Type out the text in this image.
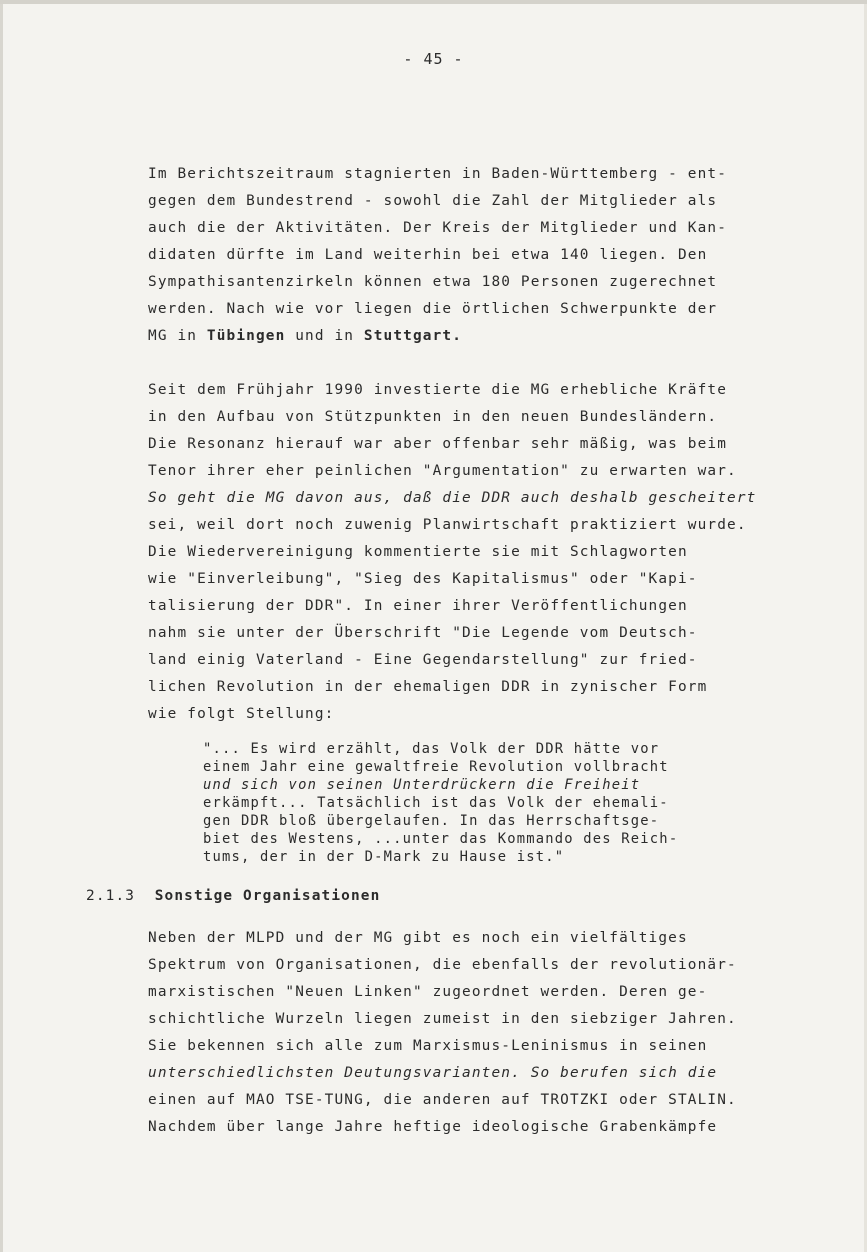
- 45 -
Im Berichtszeitraum stagnierten in Baden-Württemberg - ent-
gegen dem Bundestrend - sowohl die Zahl der Mitglieder als
auch die der Aktivitäten. Der Kreis der Mitglieder und Kan-
didaten dürfte im Land weiterhin bei etwa 140 liegen. Den
Sympathisantenzirkeln können etwa 180 Personen zugerechnet
werden. Nach wie vor liegen die örtlichen Schwerpunkte der
MG in Tübingen und in Stuttgart.
Seit dem Frühjahr 1990 investierte die MG erhebliche Kräfte
in den Aufbau von Stützpunkten in den neuen Bundesländern.
Die Resonanz hierauf war aber offenbar sehr mäßig, was beim
Tenor ihrer eher peinlichen "Argumentation" zu erwarten war.
So geht die MG davon aus, daß die DDR auch deshalb gescheitert
sei, weil dort noch zuwenig Planwirtschaft praktiziert wurde.
Die Wiedervereinigung kommentierte sie mit Schlagworten
wie "Einverleibung", "Sieg des Kapitalismus" oder "Kapi-
talisierung der DDR". In einer ihrer Veröffentlichungen
nahm sie unter der Überschrift "Die Legende vom Deutsch-
land einig Vaterland - Eine Gegendarstellung" zur fried-
lichen Revolution in der ehemaligen DDR in zynischer Form
wie folgt Stellung:
"... Es wird erzählt, das Volk der DDR hätte vor
einem Jahr eine gewaltfreie Revolution vollbracht
und sich von seinen Unterdrückern die Freiheit
erkämpft... Tatsächlich ist das Volk der ehemali-
gen DDR bloß übergelaufen. In das Herrschaftsge-
biet des Westens, ...unter das Kommando des Reich-
tums, der in der D-Mark zu Hause ist."
2.1.3 Sonstige Organisationen
Neben der MLPD und der MG gibt es noch ein vielfältiges
Spektrum von Organisationen, die ebenfalls der revolutionär-
marxistischen "Neuen Linken" zugeordnet werden. Deren ge-
schichtliche Wurzeln liegen zumeist in den siebziger Jahren.
Sie bekennen sich alle zum Marxismus-Leninismus in seinen
unterschiedlichsten Deutungsvarianten. So berufen sich die
einen auf MAO TSE-TUNG, die anderen auf TROTZKI oder STALIN.
Nachdem über lange Jahre heftige ideologische Grabenkämpfe
